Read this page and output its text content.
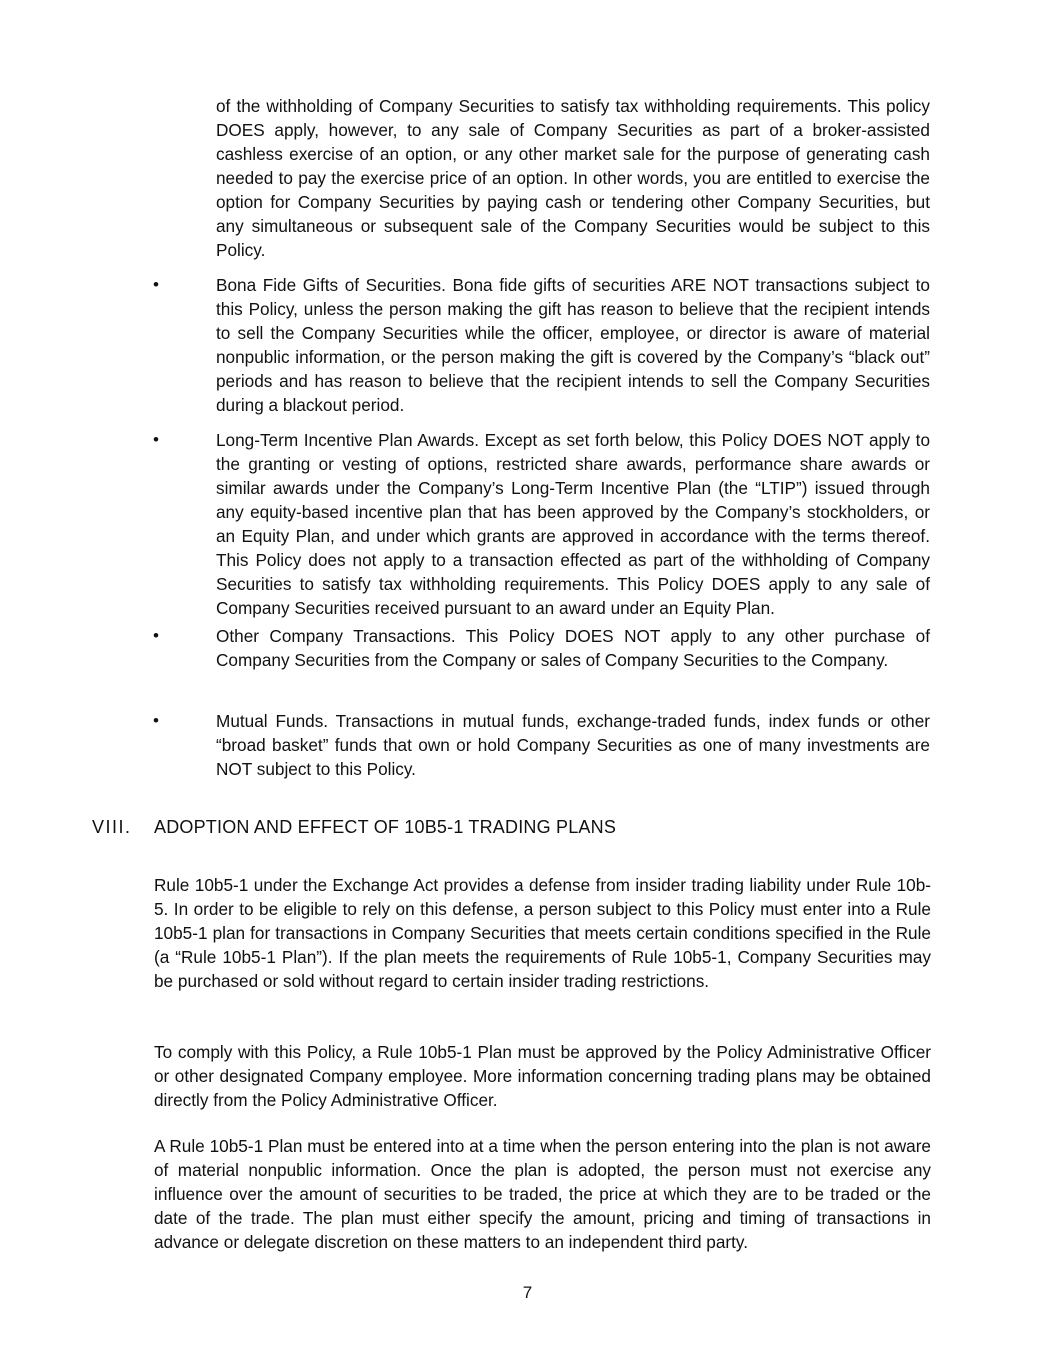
of the withholding of Company Securities to satisfy tax withholding requirements. This policy DOES apply, however, to any sale of Company Securities as part of a broker-assisted cashless exercise of an option, or any other market sale for the purpose of generating cash needed to pay the exercise price of an option. In other words, you are entitled to exercise the option for Company Securities by paying cash or tendering other Company Securities, but any simultaneous or subsequent sale of the Company Securities would be subject to this Policy.

•	Bona Fide Gifts of Securities. Bona fide gifts of securities ARE NOT transactions subject to this Policy, unless the person making the gift has reason to believe that the recipient intends to sell the Company Securities while the officer, employee, or director is aware of material nonpublic information, or the person making the gift is covered by the Company’s “black out” periods and has reason to believe that the recipient intends to sell the Company Securities during a blackout period.

•	Long-Term Incentive Plan Awards. Except as set forth below, this Policy DOES NOT apply to the granting or vesting of options, restricted share awards, performance share awards or similar awards under the Company’s Long-Term Incentive Plan (the “LTIP”) issued through any equity-based incentive plan that has been approved by the Company’s stockholders, or an Equity Plan, and under which grants are approved in accordance with the terms thereof. This Policy does not apply to a transaction effected as part of the withholding of Company Securities to satisfy tax withholding requirements. This Policy DOES apply to any sale of Company Securities received pursuant to an award under an Equity Plan.

•	Other Company Transactions. This Policy DOES NOT apply to any other purchase of Company Securities from the Company or sales of Company Securities to the Company.

•	Mutual Funds. Transactions in mutual funds, exchange-traded funds, index funds or other “broad basket” funds that own or hold Company Securities as one of many investments are NOT subject to this Policy.

VIII. ADOPTION AND EFFECT OF 10B5-1 TRADING PLANS

Rule 10b5-1 under the Exchange Act provides a defense from insider trading liability under Rule 10b-5. In order to be eligible to rely on this defense, a person subject to this Policy must enter into a Rule 10b5-1 plan for transactions in Company Securities that meets certain conditions specified in the Rule (a “Rule 10b5-1 Plan”). If the plan meets the requirements of Rule 10b5-1, Company Securities may be purchased or sold without regard to certain insider trading restrictions.

To comply with this Policy, a Rule 10b5-1 Plan must be approved by the Policy Administrative Officer or other designated Company employee. More information concerning trading plans may be obtained directly from the Policy Administrative Officer.

A Rule 10b5-1 Plan must be entered into at a time when the person entering into the plan is not aware of material nonpublic information. Once the plan is adopted, the person must not exercise any influence over the amount of securities to be traded, the price at which they are to be traded or the date of the trade. The plan must either specify the amount, pricing and timing of transactions in advance or delegate discretion on these matters to an independent third party.

7
